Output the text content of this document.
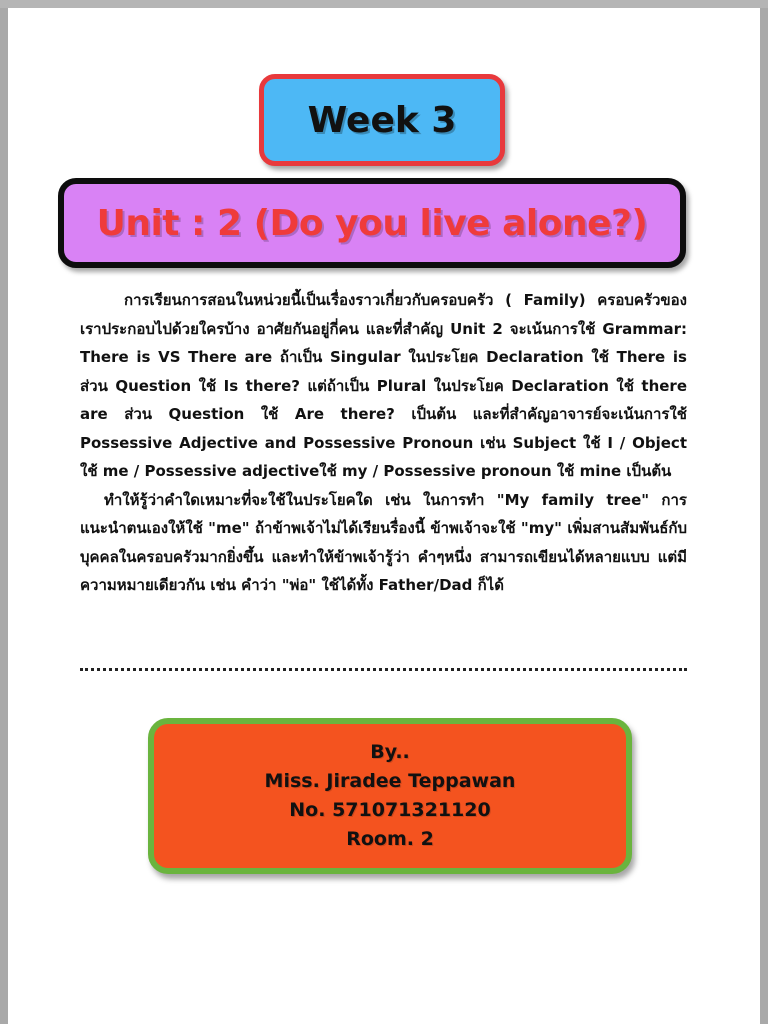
Week 3
Unit : 2 (Do you live alone?)

การเรียนการสอนในหน่วยนี้เป็นเรื่องราวเกี่ยวกับครอบครัว ( Family) ครอบครัวของเราประกอบไปด้วยใครบ้าง อาศัยกันอยู่กี่คน และที่สำคัญ Unit 2 จะเน้นการใช้ Grammar: There is VS There are ถ้าเป็น Singular ในประโยค Declaration ใช้ There is ส่วน Question ใช้ Is there? แต่ถ้าเป็น Plural ในประโยค Declaration ใช้ there are ส่วน Question ใช้ Are there? เป็นต้น และที่สำคัญอาจารย์จะเน้นการใช้ Possessive Adjective and Possessive Pronoun เช่น Subject ใช้ I / Object ใช้ me / Possessive adjectiveใช้ my / Possessive pronoun ใช้ mine เป็นต้น

ทำให้รู้ว่าคำใดเหมาะที่จะใช้ในประโยคใด เช่น ในการทำ "My family tree" การแนะนำตนเองให้ใช้ "me" ถ้าข้าพเจ้าไม่ได้เรียนรื่องนี้ ข้าพเจ้าจะใช้ "my" เพิ่มสานสัมพันธ์กับบุคคลในครอบครัวมากยิ่งขึ้น และทำให้ข้าพเจ้ารู้ว่า คำๆหนึ่ง สามารถเขียนได้หลายแบบ แต่มีความหมายเดียวกัน เช่น คำว่า "พ่อ" ใช้ได้ทั้ง Father/Dad ก็ได้

By..
Miss. Jiradee Teppawan
No. 571071321120
Room. 2
